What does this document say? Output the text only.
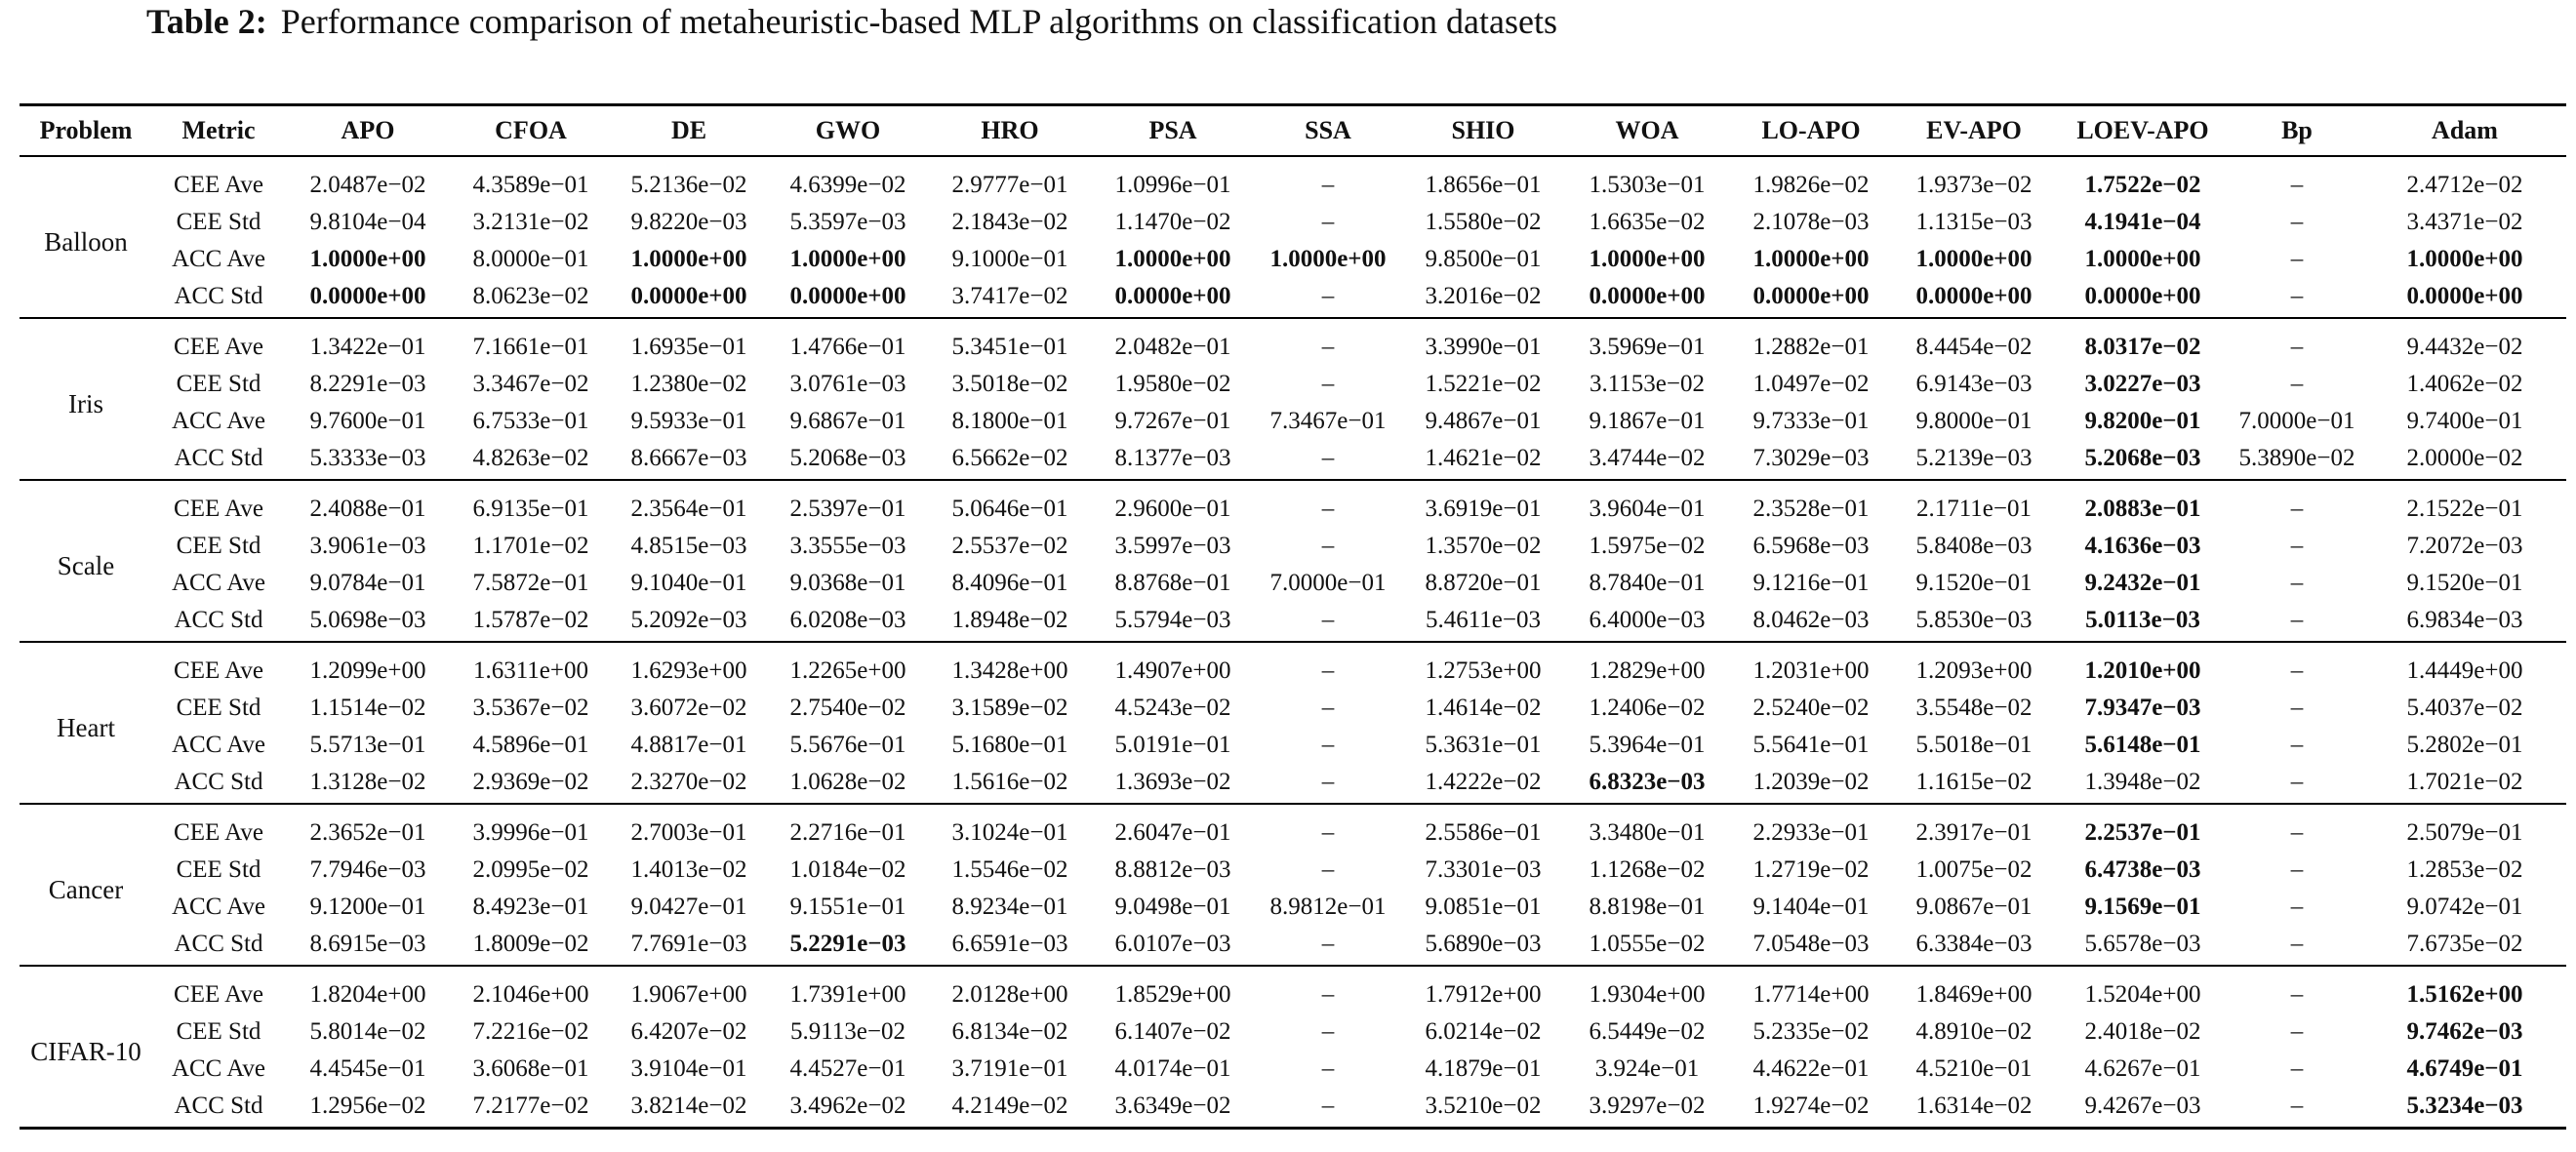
Table 2: Performance comparison of metaheuristic-based MLP algorithms on classification datasets
Problem	Metric	APO	CFOA	DE	GWO	HRO	PSA	SSA	SHIO	WOA	LO-APO	EV-APO	LOEV-APO	Bp	Adam
Balloon	CEE Ave	2.0487e−02	4.3589e−01	5.2136e−02	4.6399e−02	2.9777e−01	1.0996e−01	–	1.8656e−01	1.5303e−01	1.9826e−02	1.9373e−02	1.7522e−02	–	2.4712e−02
	CEE Std	9.8104e−04	3.2131e−02	9.8220e−03	5.3597e−03	2.1843e−02	1.1470e−02	–	1.5580e−02	1.6635e−02	2.1078e−03	1.1315e−03	4.1941e−04	–	3.4371e−02
	ACC Ave	1.0000e+00	8.0000e−01	1.0000e+00	1.0000e+00	9.1000e−01	1.0000e+00	1.0000e+00	9.8500e−01	1.0000e+00	1.0000e+00	1.0000e+00	1.0000e+00	–	1.0000e+00
	ACC Std	0.0000e+00	8.0623e−02	0.0000e+00	0.0000e+00	3.7417e−02	0.0000e+00	–	3.2016e−02	0.0000e+00	0.0000e+00	0.0000e+00	0.0000e+00	–	0.0000e+00
Iris	CEE Ave	1.3422e−01	7.1661e−01	1.6935e−01	1.4766e−01	5.3451e−01	2.0482e−01	–	3.3990e−01	3.5969e−01	1.2882e−01	8.4454e−02	8.0317e−02	–	9.4432e−02
	CEE Std	8.2291e−03	3.3467e−02	1.2380e−02	3.0761e−03	3.5018e−02	1.9580e−02	–	1.5221e−02	3.1153e−02	1.0497e−02	6.9143e−03	3.0227e−03	–	1.4062e−02
	ACC Ave	9.7600e−01	6.7533e−01	9.5933e−01	9.6867e−01	8.1800e−01	9.7267e−01	7.3467e−01	9.4867e−01	9.1867e−01	9.7333e−01	9.8000e−01	9.8200e−01	7.0000e−01	9.7400e−01
	ACC Std	5.3333e−03	4.8263e−02	8.6667e−03	5.2068e−03	6.5662e−02	8.1377e−03	–	1.4621e−02	3.4744e−02	7.3029e−03	5.2139e−03	5.2068e−03	5.3890e−02	2.0000e−02
Scale	CEE Ave	2.4088e−01	6.9135e−01	2.3564e−01	2.5397e−01	5.0646e−01	2.9600e−01	–	3.6919e−01	3.9604e−01	2.3528e−01	2.1711e−01	2.0883e−01	–	2.1522e−01
	CEE Std	3.9061e−03	1.1701e−02	4.8515e−03	3.3555e−03	2.5537e−02	3.5997e−03	–	1.3570e−02	1.5975e−02	6.5968e−03	5.8408e−03	4.1636e−03	–	7.2072e−03
	ACC Ave	9.0784e−01	7.5872e−01	9.1040e−01	9.0368e−01	8.4096e−01	8.8768e−01	7.0000e−01	8.8720e−01	8.7840e−01	9.1216e−01	9.1520e−01	9.2432e−01	–	9.1520e−01
	ACC Std	5.0698e−03	1.5787e−02	5.2092e−03	6.0208e−03	1.8948e−02	5.5794e−03	–	5.4611e−03	6.4000e−03	8.0462e−03	5.8530e−03	5.0113e−03	–	6.9834e−03
Heart	CEE Ave	1.2099e+00	1.6311e+00	1.6293e+00	1.2265e+00	1.3428e+00	1.4907e+00	–	1.2753e+00	1.2829e+00	1.2031e+00	1.2093e+00	1.2010e+00	–	1.4449e+00
	CEE Std	1.1514e−02	3.5367e−02	3.6072e−02	2.7540e−02	3.1589e−02	4.5243e−02	–	1.4614e−02	1.2406e−02	2.5240e−02	3.5548e−02	7.9347e−03	–	5.4037e−02
	ACC Ave	5.5713e−01	4.5896e−01	4.8817e−01	5.5676e−01	5.1680e−01	5.0191e−01	–	5.3631e−01	5.3964e−01	5.5641e−01	5.5018e−01	5.6148e−01	–	5.2802e−01
	ACC Std	1.3128e−02	2.9369e−02	2.3270e−02	1.0628e−02	1.5616e−02	1.3693e−02	–	1.4222e−02	6.8323e−03	1.2039e−02	1.1615e−02	1.3948e−02	–	1.7021e−02
Cancer	CEE Ave	2.3652e−01	3.9996e−01	2.7003e−01	2.2716e−01	3.1024e−01	2.6047e−01	–	2.5586e−01	3.3480e−01	2.2933e−01	2.3917e−01	2.2537e−01	–	2.5079e−01
	CEE Std	7.7946e−03	2.0995e−02	1.4013e−02	1.0184e−02	1.5546e−02	8.8812e−03	–	7.3301e−03	1.1268e−02	1.2719e−02	1.0075e−02	6.4738e−03	–	1.2853e−02
	ACC Ave	9.1200e−01	8.4923e−01	9.0427e−01	9.1551e−01	8.9234e−01	9.0498e−01	8.9812e−01	9.0851e−01	8.8198e−01	9.1404e−01	9.0867e−01	9.1569e−01	–	9.0742e−01
	ACC Std	8.6915e−03	1.8009e−02	7.7691e−03	5.2291e−03	6.6591e−03	6.0107e−03	–	5.6890e−03	1.0555e−02	7.0548e−03	6.3384e−03	5.6578e−03	–	7.6735e−02
CIFAR-10	CEE Ave	1.8204e+00	2.1046e+00	1.9067e+00	1.7391e+00	2.0128e+00	1.8529e+00	–	1.7912e+00	1.9304e+00	1.7714e+00	1.8469e+00	1.5204e+00	–	1.5162e+00
	CEE Std	5.8014e−02	7.2216e−02	6.4207e−02	5.9113e−02	6.8134e−02	6.1407e−02	–	6.0214e−02	6.5449e−02	5.2335e−02	4.8910e−02	2.4018e−02	–	9.7462e−03
	ACC Ave	4.4545e−01	3.6068e−01	3.9104e−01	4.4527e−01	3.7191e−01	4.0174e−01	–	4.1879e−01	3.924e−01	4.4622e−01	4.5210e−01	4.6267e−01	–	4.6749e−01
	ACC Std	1.2956e−02	7.2177e−02	3.8214e−02	3.4962e−02	4.2149e−02	3.6349e−02	–	3.5210e−02	3.9297e−02	1.9274e−02	1.6314e−02	9.4267e−03	–	5.3234e−03
